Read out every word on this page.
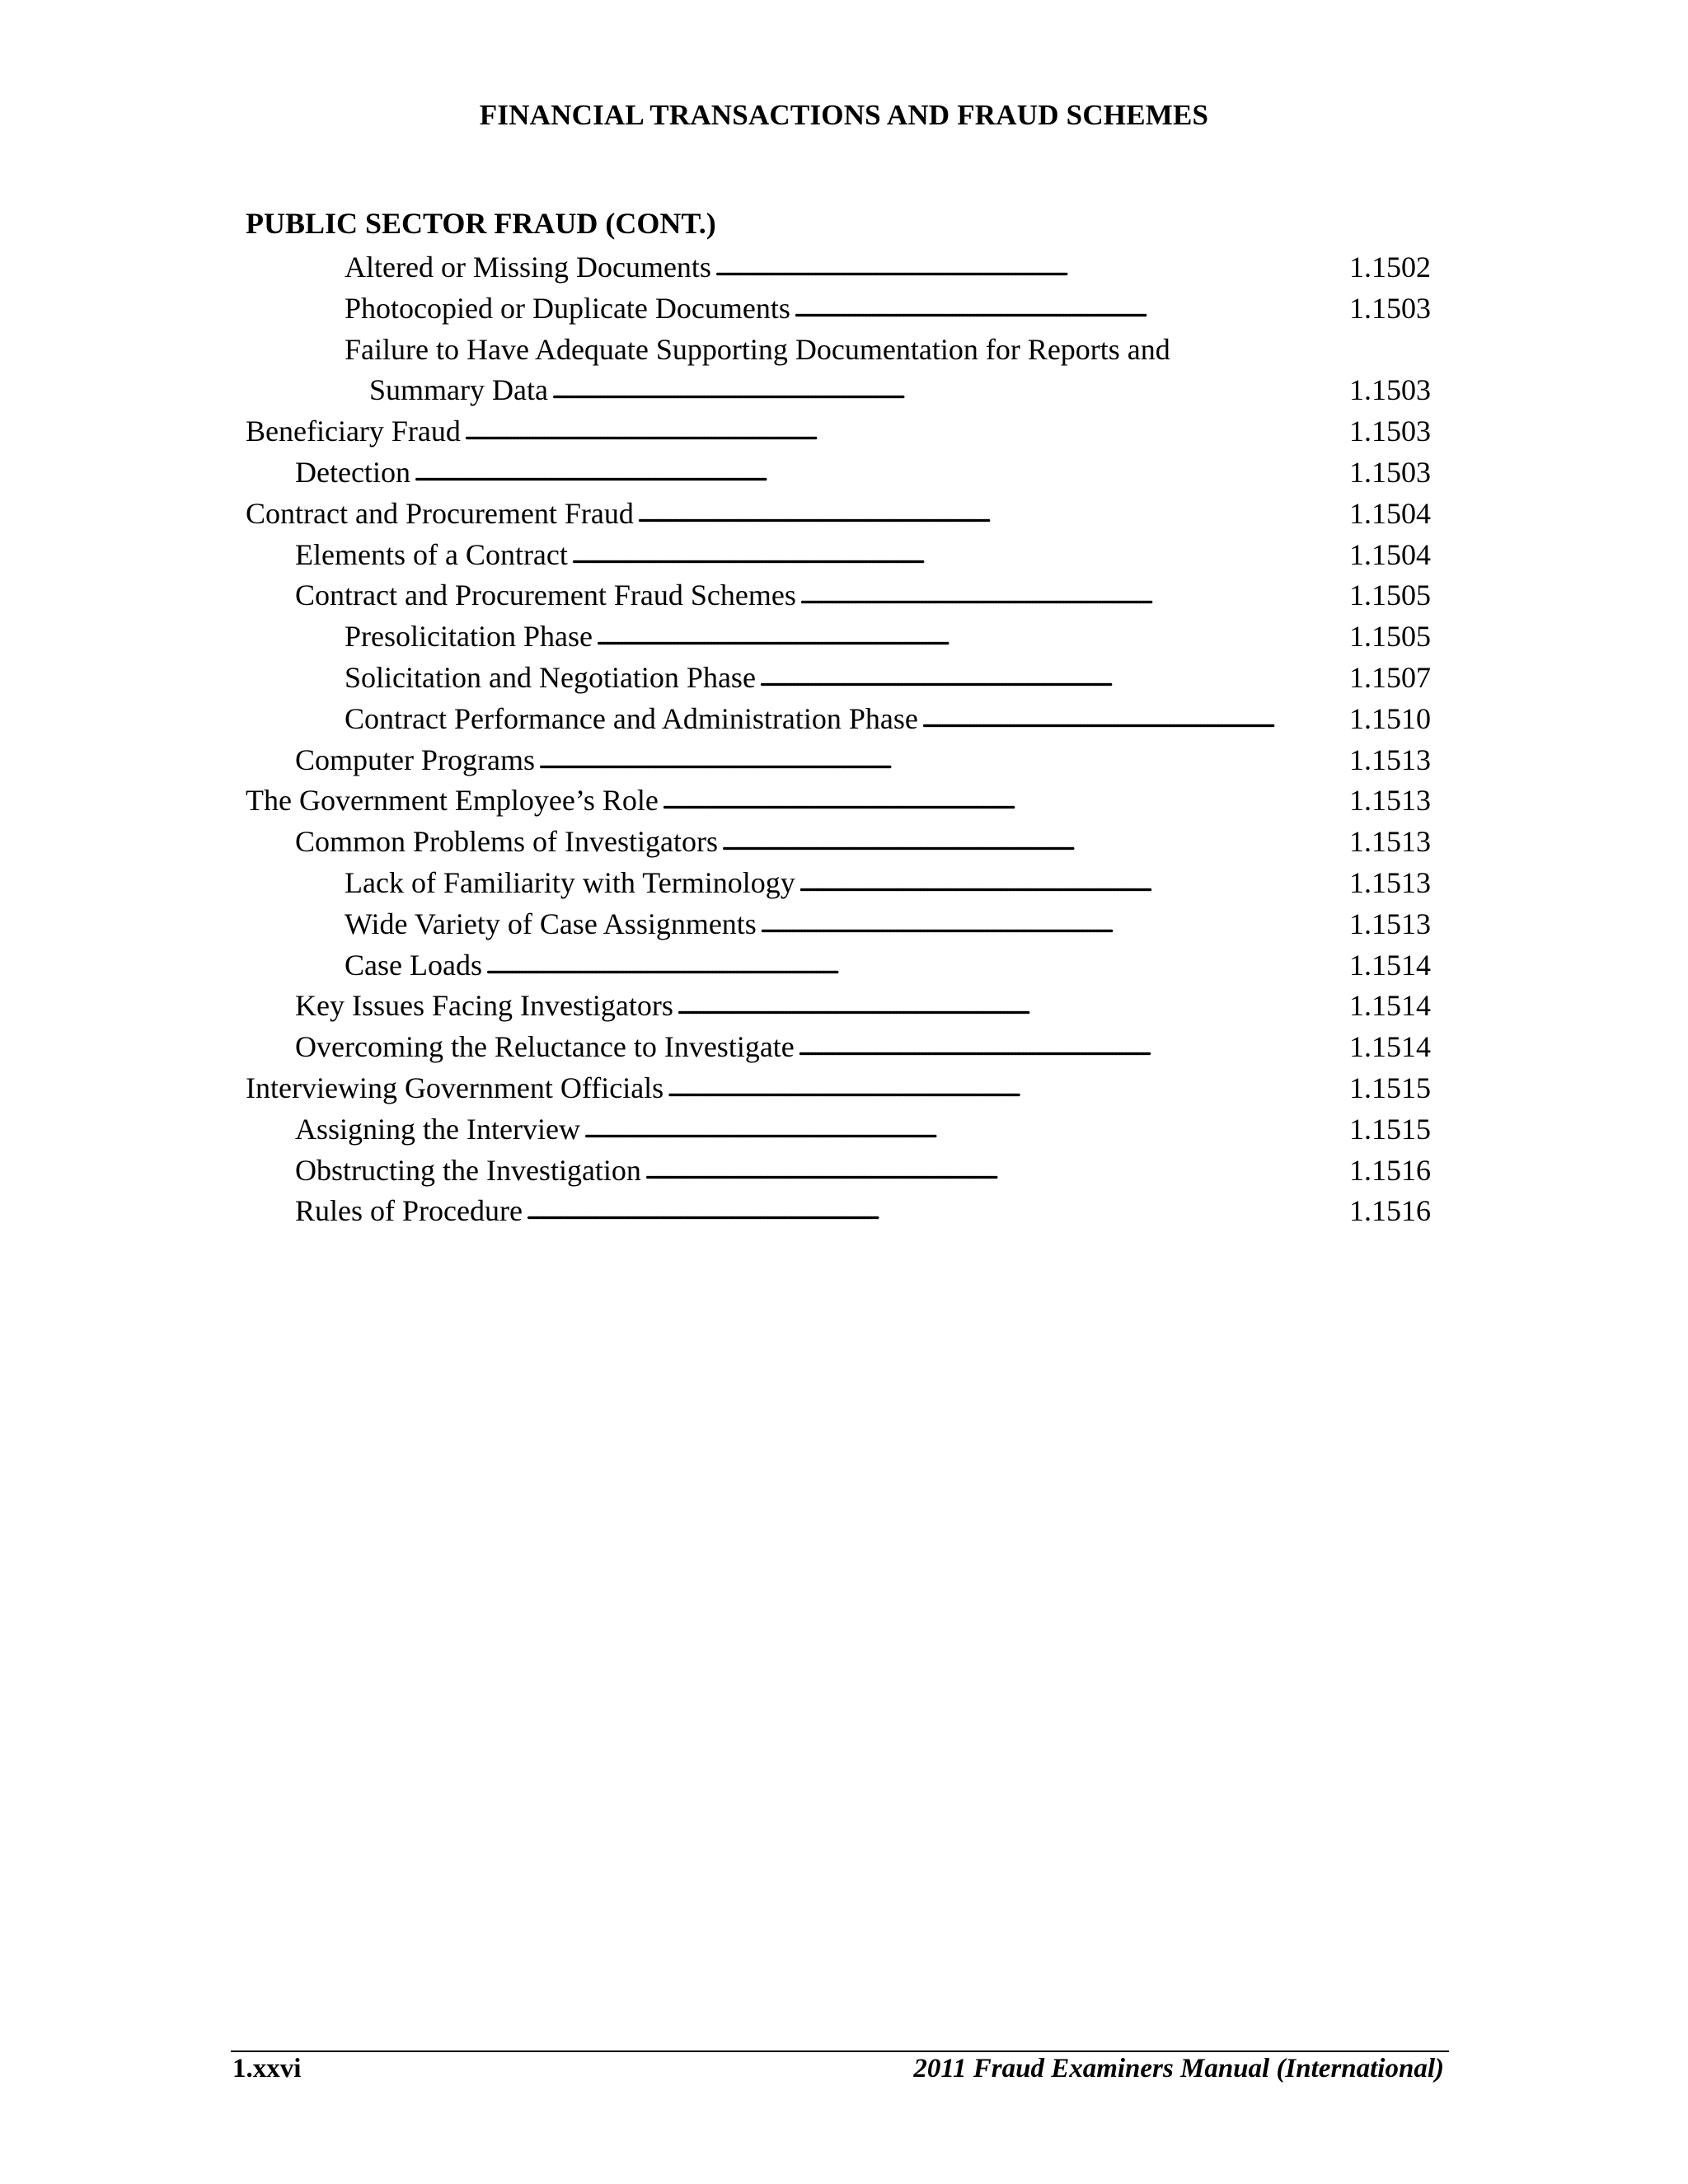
FINANCIAL TRANSACTIONS AND FRAUD SCHEMES
PUBLIC SECTOR FRAUD (CONT.)
Altered or Missing Documents . . .	1.1502
Photocopied or Duplicate Documents . . .	1.1503
Failure to Have Adequate Supporting Documentation for Reports and
Summary Data . . .	1.1503
Beneficiary Fraud . . .	1.1503
Detection . . .	1.1503
Contract and Procurement Fraud . . .	1.1504
Elements of a Contract . . .	1.1504
Contract and Procurement Fraud Schemes . . .	1.1505
Presolicitation Phase . . .	1.1505
Solicitation and Negotiation Phase . . .	1.1507
Contract Performance and Administration Phase . . .	1.1510
Computer Programs . . .	1.1513
The Government Employee’s Role . . .	1.1513
Common Problems of Investigators . . .	1.1513
Lack of Familiarity with Terminology . . .	1.1513
Wide Variety of Case Assignments . . .	1.1513
Case Loads . . .	1.1514
Key Issues Facing Investigators . . .	1.1514
Overcoming the Reluctance to Investigate . . .	1.1514
Interviewing Government Officials . . .	1.1515
Assigning the Interview . . .	1.1515
Obstructing the Investigation . . .	1.1516
Rules of Procedure . . .	1.1516
1.xxvi	2011 Fraud Examiners Manual (International)
